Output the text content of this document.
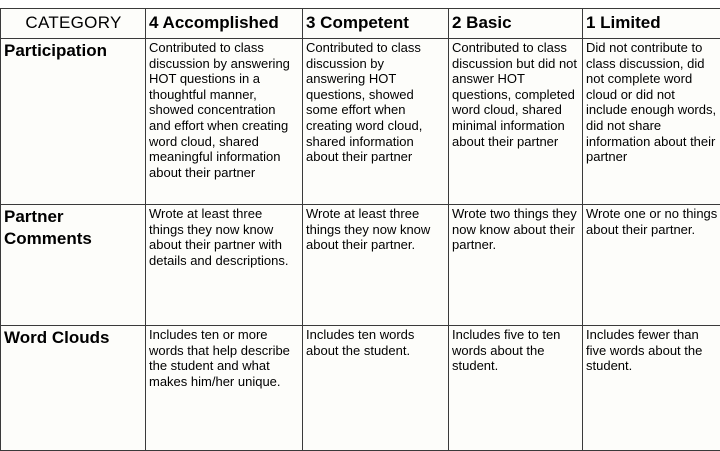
CATEGORY	4 Accomplished	3 Competent	2 Basic	1 Limited
Participation	Contributed to class discussion by answering HOT questions in a thoughtful manner, showed concentration and effort when creating word cloud, shared meaningful information about their partner	Contributed to class discussion by answering HOT questions, showed some effort when creating word cloud, shared information about their partner	Contributed to class discussion but did not answer HOT questions, completed word cloud, shared minimal information about their partner	Did not contribute to class discussion, did not complete word cloud or did not include enough words, did not share information about their partner
Partner Comments	Wrote at least three things they now know about their partner with details and descriptions.	Wrote at least three things they now know about their partner.	Wrote two things they now know about their partner.	Wrote one or no things about their partner.
Word Clouds	Includes ten or more words that help describe the student and what makes him/her unique.	Includes ten words about the student.	Includes five to ten words about the student.	Includes fewer than five words about the student.
